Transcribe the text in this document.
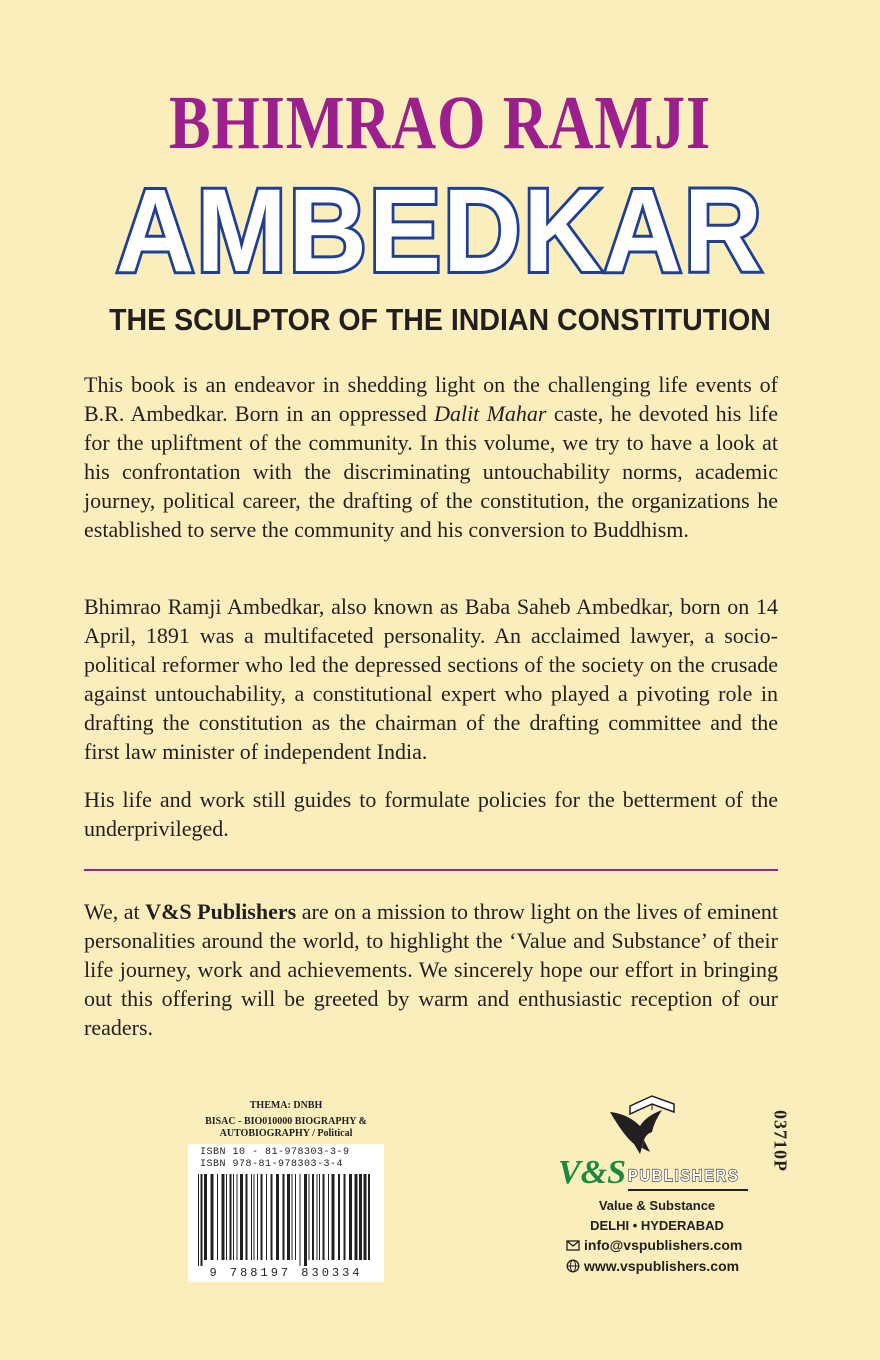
BHIMRAO RAMJI
AMBEDKAR
THE SCULPTOR OF THE INDIAN CONSTITUTION

This book is an endeavor in shedding light on the challenging life events of B.R. Ambedkar. Born in an oppressed Dalit Mahar caste, he devoted his life for the upliftment of the community. In this volume, we try to have a look at his confrontation with the discriminating untouchability norms, academic journey, political career, the drafting of the constitution, the organizations he established to serve the community and his conversion to Buddhism.

Bhimrao Ramji Ambedkar, also known as Baba Saheb Ambedkar, born on 14 April, 1891 was a multifaceted personality. An acclaimed lawyer, a socio-political reformer who led the depressed sections of the society on the crusade against untouchability, a constitutional expert who played a pivoting role in drafting the constitution as the chairman of the drafting committee and the first law minister of independent India.

His life and work still guides to formulate policies for the betterment of the underprivileged.

We, at V&S Publishers are on a mission to throw light on the lives of eminent personalities around the world, to highlight the ‘Value and Substance’ of their life journey, work and achievements. We sincerely hope our effort in bringing out this offering will be greeted by warm and enthusiastic reception of our readers.

THEMA: DNBH
BISAC - BIO010000 BIOGRAPHY & AUTOBIOGRAPHY / Political
ISBN 10 - 81-978303-3-9
ISBN 978-81-978303-3-4
9 788197 830334
03710P
V&S PUBLISHERS
Value & Substance
DELHI • HYDERABAD
info@vspublishers.com
www.vspublishers.com
